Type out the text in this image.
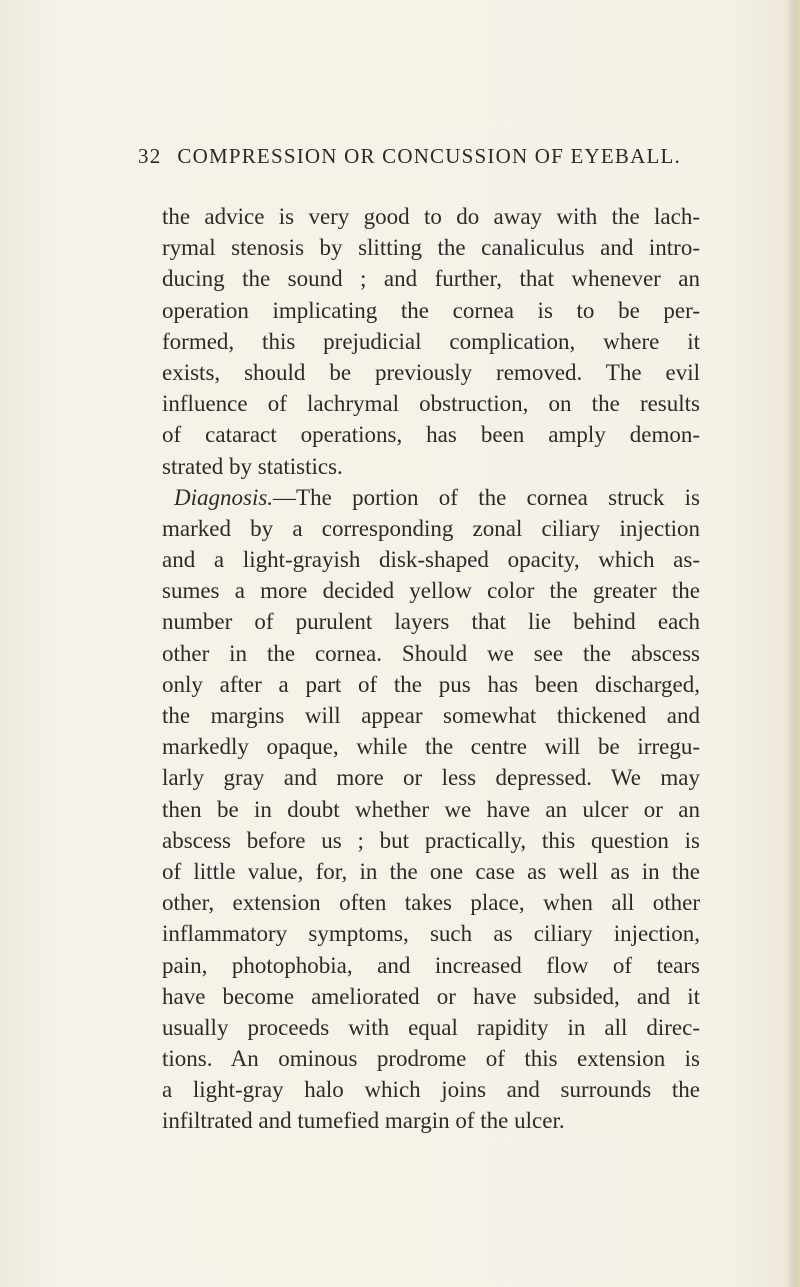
32 COMPRESSION OR CONCUSSION OF EYEBALL.
the advice is very good to do away with the lach-
rymal stenosis by slitting the canaliculus and intro-
ducing the sound ; and further, that whenever an
operation implicating the cornea is to be per-
formed, this prejudicial complication, where it
exists, should be previously removed. The evil
influence of lachrymal obstruction, on the results
of cataract operations, has been amply demon-
strated by statistics.
Diagnosis.—The portion of the cornea struck is
marked by a corresponding zonal ciliary injection
and a light-grayish disk-shaped opacity, which as-
sumes a more decided yellow color the greater the
number of purulent layers that lie behind each
other in the cornea. Should we see the abscess
only after a part of the pus has been discharged,
the margins will appear somewhat thickened and
markedly opaque, while the centre will be irregu-
larly gray and more or less depressed. We may
then be in doubt whether we have an ulcer or an
abscess before us ; but practically, this question is
of little value, for, in the one case as well as in the
other, extension often takes place, when all other
inflammatory symptoms, such as ciliary injection,
pain, photophobia, and increased flow of tears
have become ameliorated or have subsided, and it
usually proceeds with equal rapidity in all direc-
tions. An ominous prodrome of this extension is
a light-gray halo which joins and surrounds the
infiltrated and tumefied margin of the ulcer.
